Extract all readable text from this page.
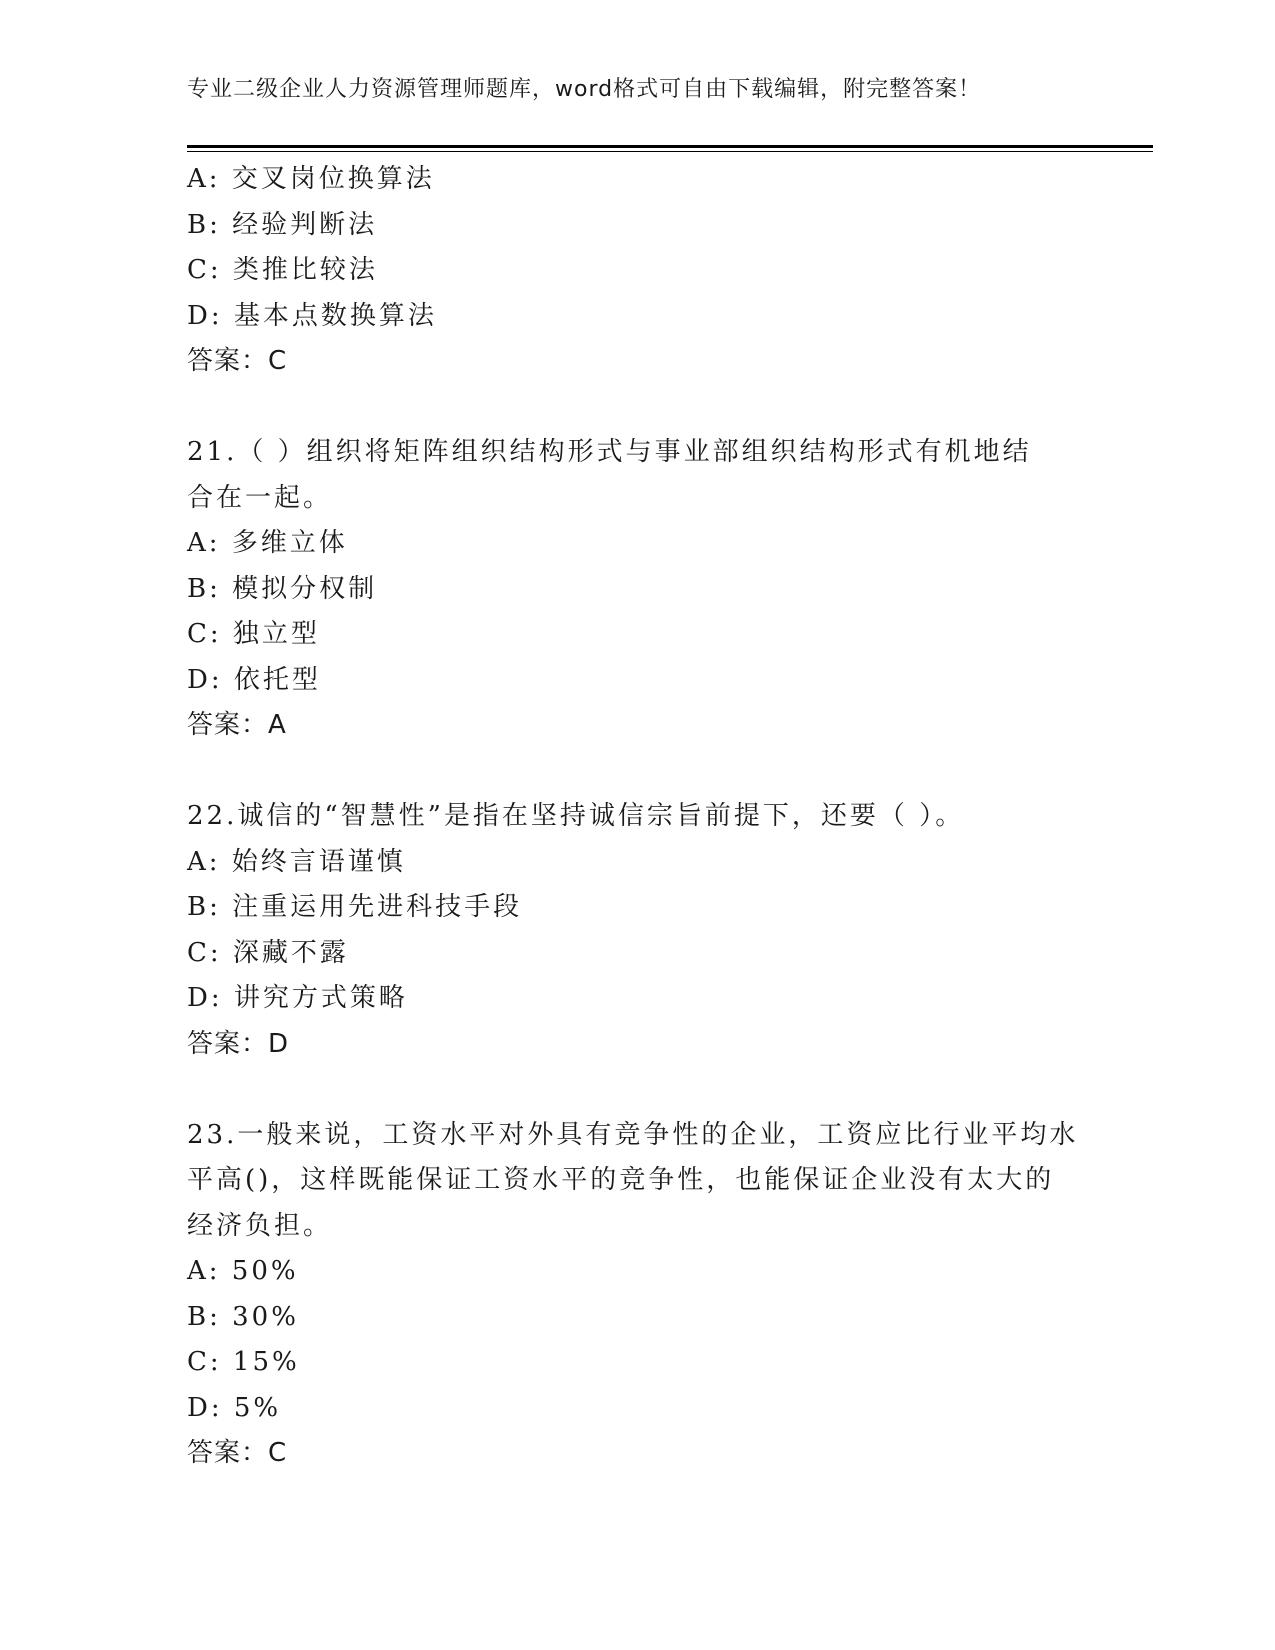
专业二级企业人力资源管理师题库，word格式可自由下载编辑，附完整答案！
A: 交叉岗位换算法
B: 经验判断法
C: 类推比较法
D: 基本点数换算法
答案：C
21.（ ）组织将矩阵组织结构形式与事业部组织结构形式有机地结
合在一起。
A: 多维立体
B: 模拟分权制
C: 独立型
D: 依托型
答案：A
22.诚信的“智慧性”是指在坚持诚信宗旨前提下，还要（ ）。
A: 始终言语谨慎
B: 注重运用先进科技手段
C: 深藏不露
D: 讲究方式策略
答案：D
23.一般来说，工资水平对外具有竞争性的企业，工资应比行业平均水
平高()，这样既能保证工资水平的竞争性，也能保证企业没有太大的
经济负担。
A: 50%
B: 30%
C: 15%
D: 5%
答案：C
